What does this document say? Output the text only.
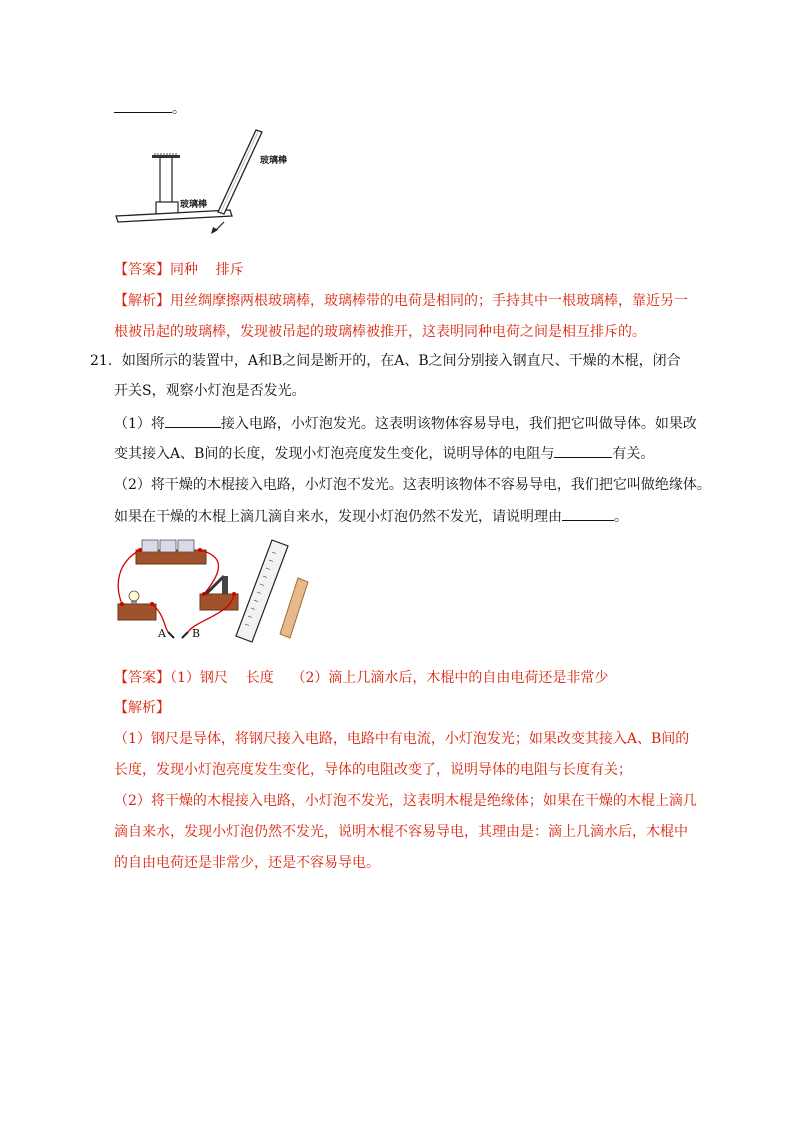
。
玻璃棒
玻璃棒
【答案】同种    排斥
【解析】用丝绸摩擦两根玻璃棒，玻璃棒带的电荷是相同的；手持其中一根玻璃棒，靠近另一
根被吊起的玻璃棒，发现被吊起的玻璃棒被推开，这表明同种电荷之间是相互排斥的。
21．如图所示的装置中，A和B之间是断开的，在A、B之间分别接入钢直尺、干燥的木棍，闭合
开关S，观察小灯泡是否发光。
（1）将	接入电路，小灯泡发光。这表明该物体容易导电，我们把它叫做导体。如果改
变其接入A、B间的长度，发现小灯泡亮度发生变化，说明导体的电阻与	有关。
（2）将干燥的木棍接入电路，小灯泡不发光。这表明该物体不容易导电，我们把它叫做绝缘体。
如果在干燥的木棍上滴几滴自来水，发现小灯泡仍然不发光，请说明理由	。
A B
【答案】（1）钢尺    长度    （2）滴上几滴水后，木棍中的自由电荷还是非常少
【解析】
（1）钢尺是导体，将钢尺接入电路，电路中有电流，小灯泡发光；如果改变其接入A、B间的
长度，发现小灯泡亮度发生变化，导体的电阻改变了，说明导体的电阻与长度有关；
（2）将干燥的木棍接入电路，小灯泡不发光，这表明木棍是绝缘体；如果在干燥的木棍上滴几
滴自来水，发现小灯泡仍然不发光，说明木棍不容易导电，其理由是：滴上几滴水后，木棍中
的自由电荷还是非常少，还是不容易导电。
